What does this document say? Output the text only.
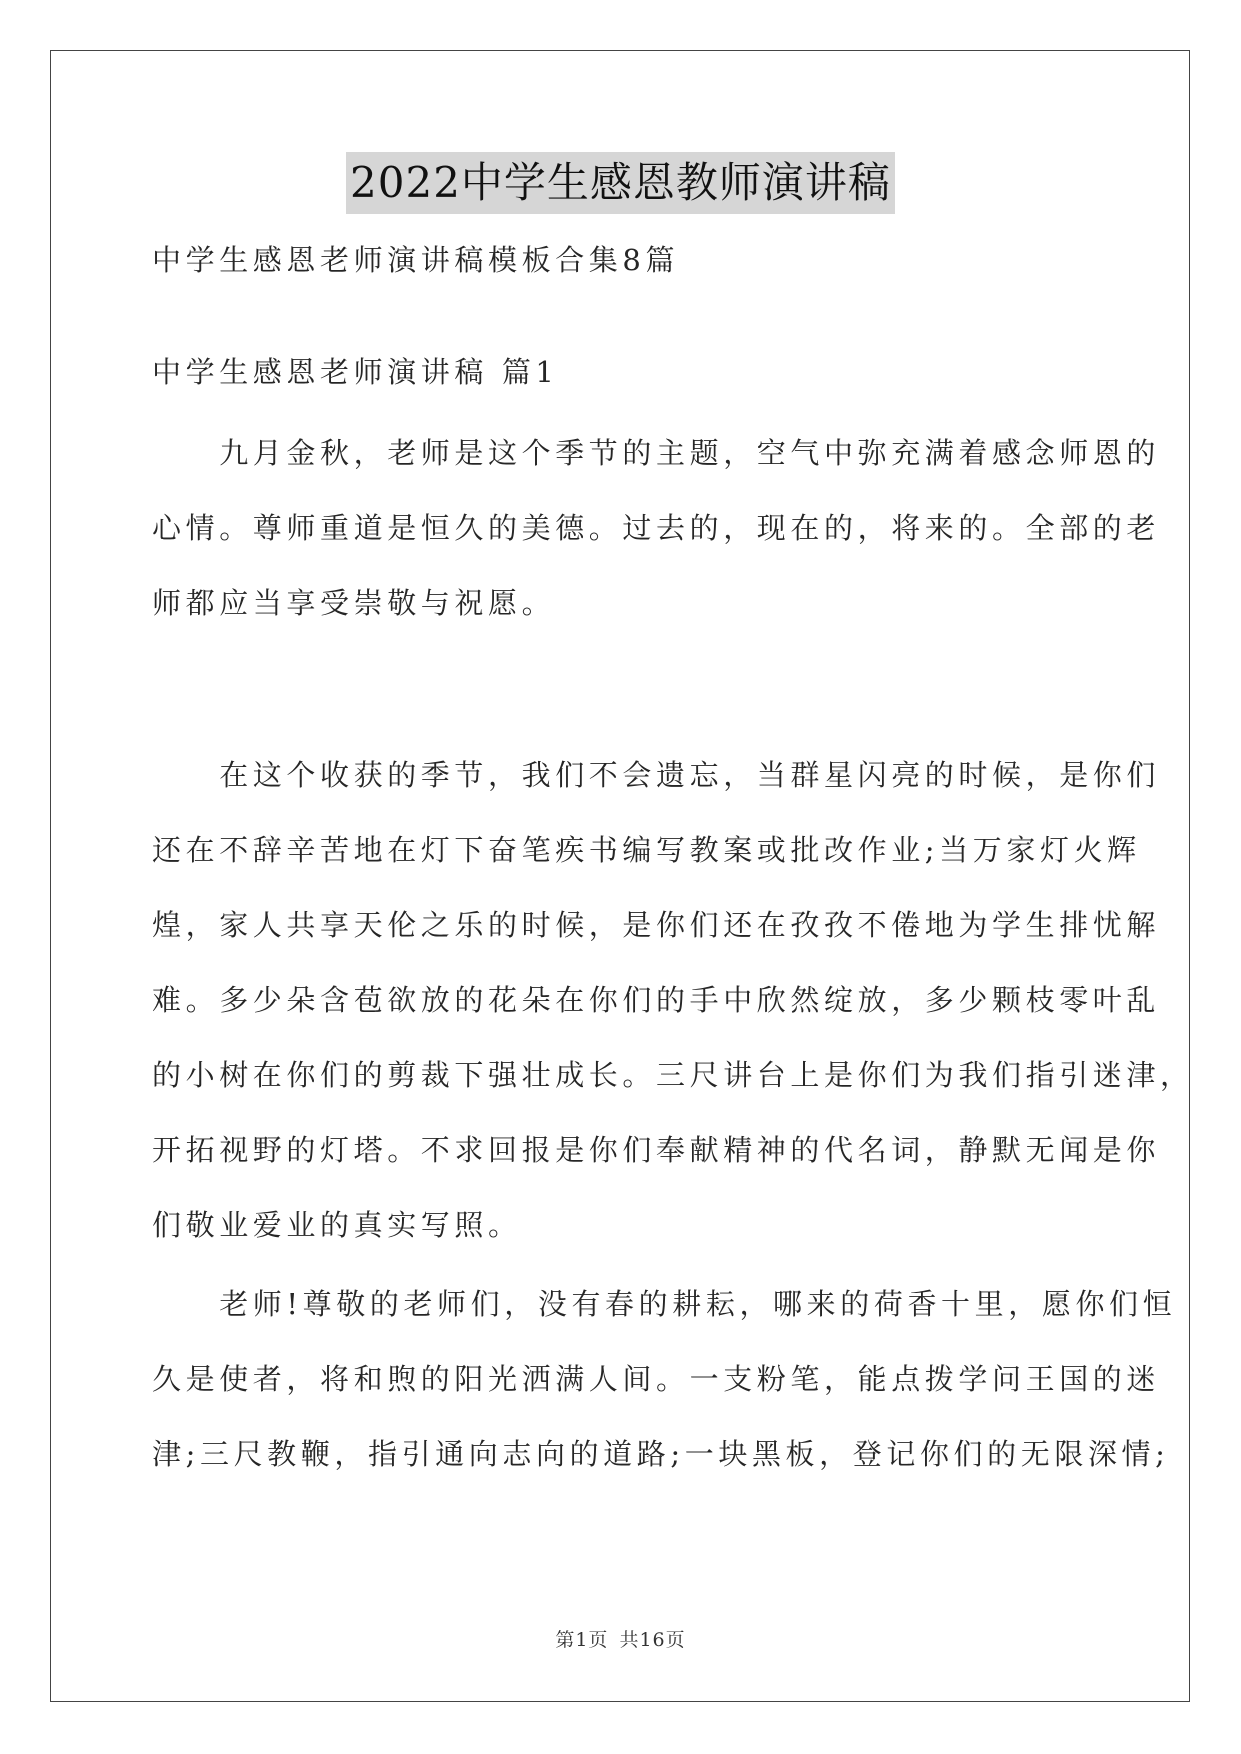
2022中学生感恩教师演讲稿
中学生感恩老师演讲稿模板合集8篇
中学生感恩老师演讲稿 篇1
　　九月金秋，老师是这个季节的主题，空气中弥充满着感念师恩的
心情。尊师重道是恒久的美德。过去的，现在的，将来的。全部的老
师都应当享受崇敬与祝愿。
　　在这个收获的季节，我们不会遗忘，当群星闪亮的时候，是你们
还在不辞辛苦地在灯下奋笔疾书编写教案或批改作业;当万家灯火辉
煌，家人共享天伦之乐的时候，是你们还在孜孜不倦地为学生排忧解
难。多少朵含苞欲放的花朵在你们的手中欣然绽放，多少颗枝零叶乱
的小树在你们的剪裁下强壮成长。三尺讲台上是你们为我们指引迷津，
开拓视野的灯塔。不求回报是你们奉献精神的代名词，静默无闻是你
们敬业爱业的真实写照。
　　老师!尊敬的老师们，没有春的耕耘，哪来的荷香十里，愿你们恒
久是使者，将和煦的阳光洒满人间。一支粉笔，能点拨学问王国的迷
津;三尺教鞭，指引通向志向的道路;一块黑板，登记你们的无限深情;
第1页 共16页
